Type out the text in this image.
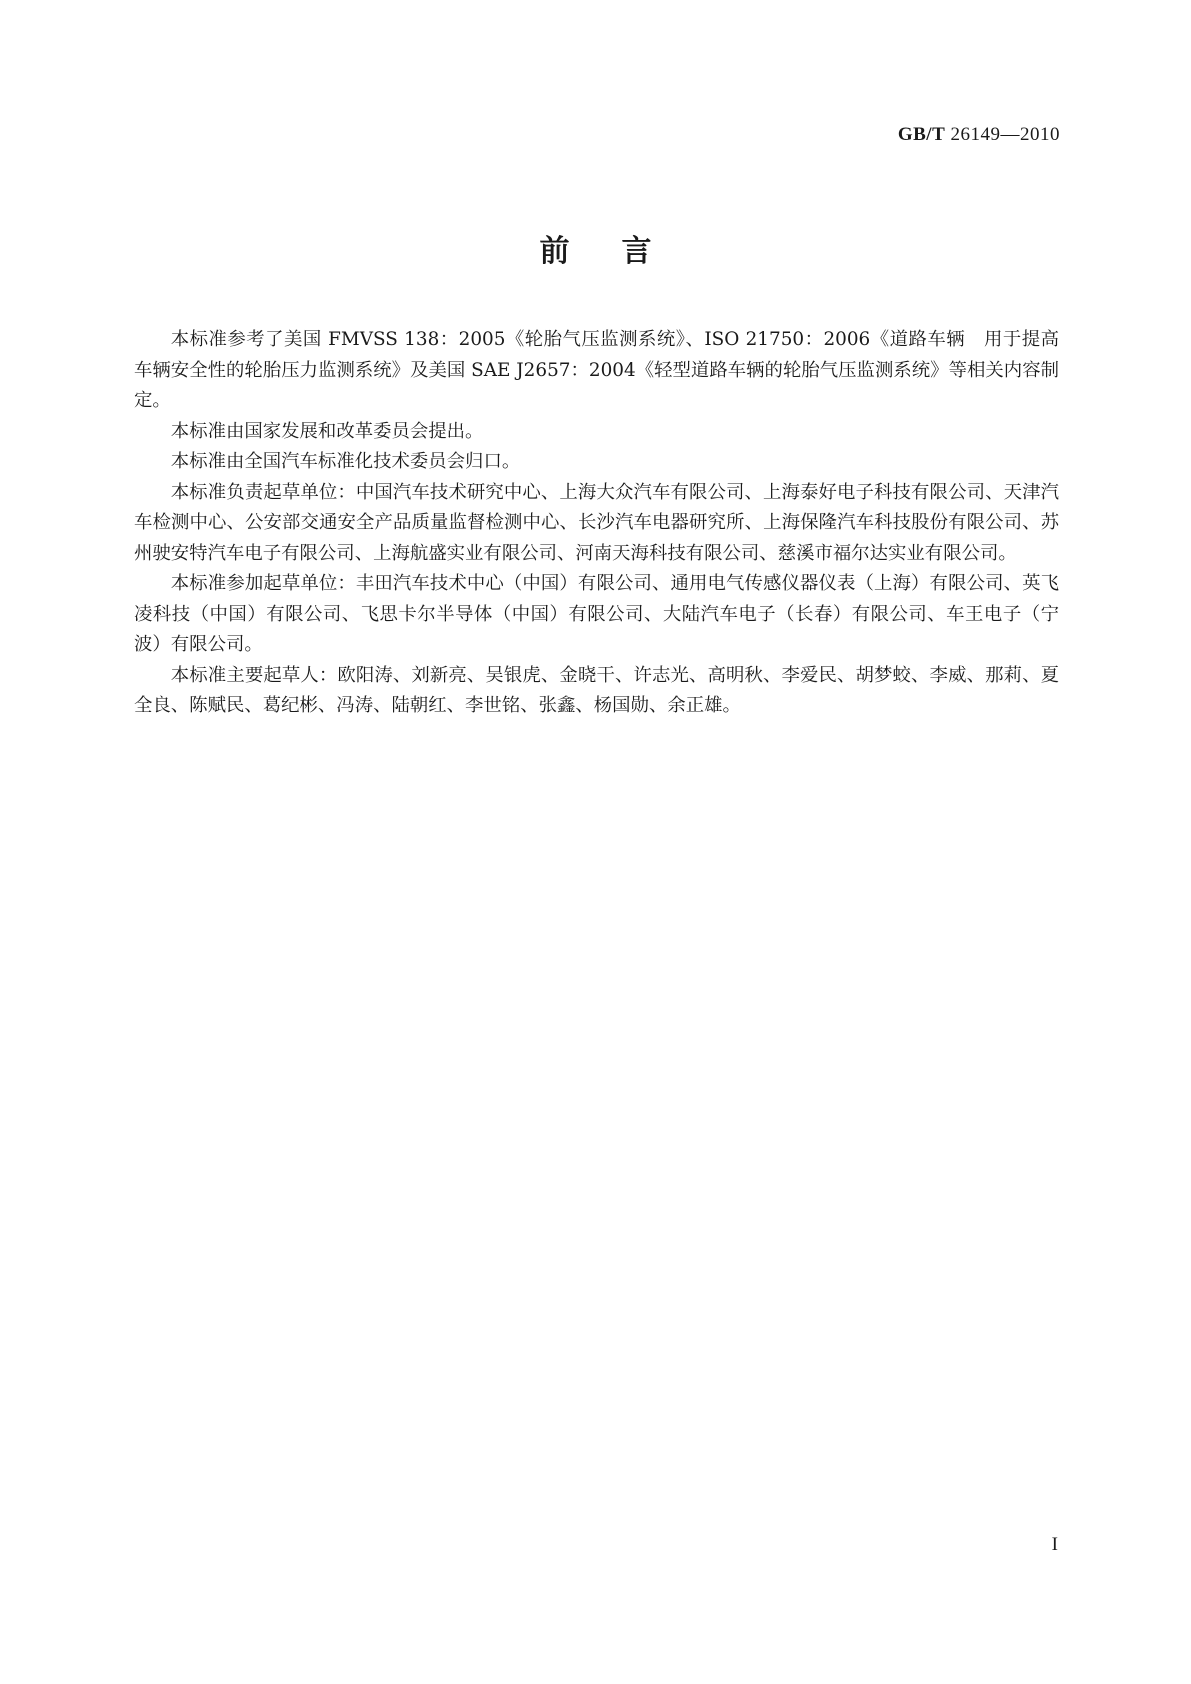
GB/T 26149—2010
前言

本标准参考了美国 FMVSS 138：2005《轮胎气压监测系统》、ISO 21750：2006《道路车辆　用于提高车辆安全性的轮胎压力监测系统》及美国 SAE J2657：2004《轻型道路车辆的轮胎气压监测系统》等相关内容制定。

本标准由国家发展和改革委员会提出。

本标准由全国汽车标准化技术委员会归口。

本标准负责起草单位：中国汽车技术研究中心、上海大众汽车有限公司、上海泰好电子科技有限公司、天津汽车检测中心、公安部交通安全产品质量监督检测中心、长沙汽车电器研究所、上海保隆汽车科技股份有限公司、苏州驶安特汽车电子有限公司、上海航盛实业有限公司、河南天海科技有限公司、慈溪市福尔达实业有限公司。

本标准参加起草单位：丰田汽车技术中心（中国）有限公司、通用电气传感仪器仪表（上海）有限公司、英飞凌科技（中国）有限公司、飞思卡尔半导体（中国）有限公司、大陆汽车电子（长春）有限公司、车王电子（宁波）有限公司。

本标准主要起草人：欧阳涛、刘新亮、吴银虎、金晓干、许志光、高明秋、李爱民、胡梦蛟、李威、那莉、夏全良、陈赋民、葛纪彬、冯涛、陆朝红、李世铭、张鑫、杨国勋、余正雄。

I
